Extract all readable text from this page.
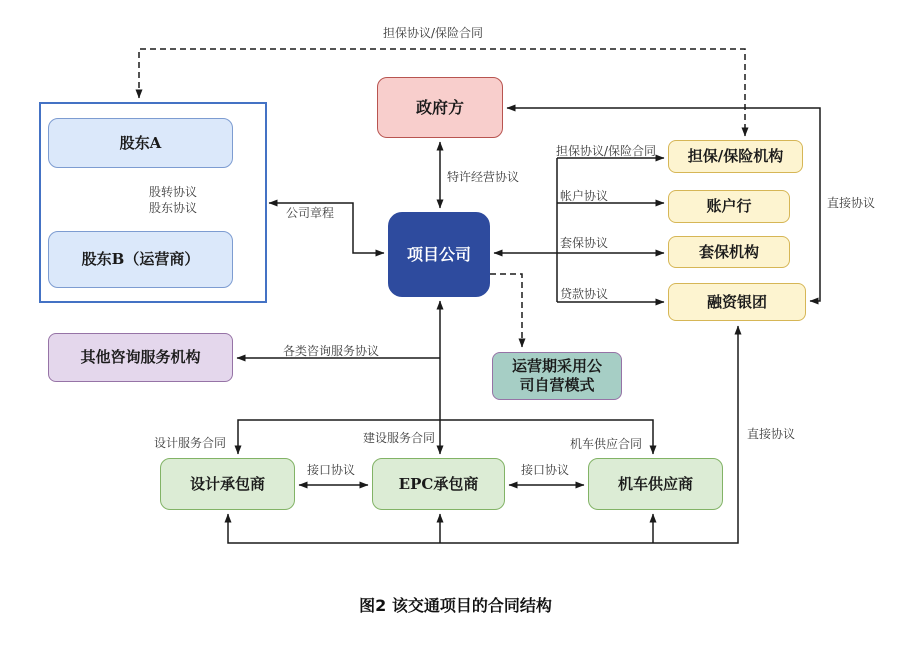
股东A
股东B（运营商）
政府方
项目公司
担保/保险机构
账户行
套保机构
融资银团
其他咨询服务机构
运营期采用公司自营模式
设计承包商	EPC承包商	机车供应商
担保协议/保险合同
股转协议
股东协议	公司章程
特许经营协议
担保协议/保险合同
帐户协议
套保协议
贷款协议
直接协议
各类咨询服务协议
设计服务合同	建设服务合同	机车供应合同
接口协议	接口协议
直接协议
图2 该交通项目的合同结构
